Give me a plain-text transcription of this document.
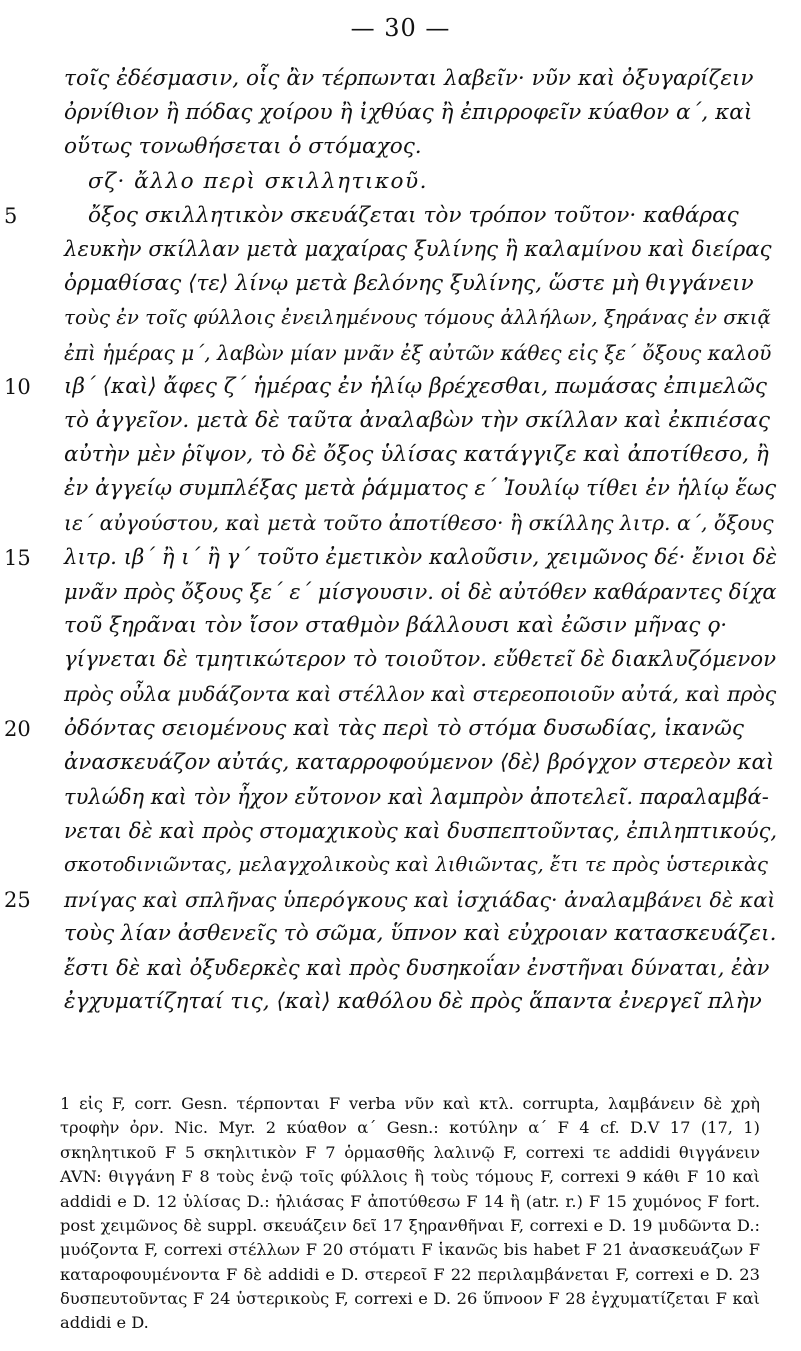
— 30 —
τοῖς ἐδέσμασιν, οἷς ἂν τέρπωνται λαβεῖν· νῦν καὶ ὀξυγαρίζειν
ὀρνίθιον ἢ πόδας χοίρου ἢ ἰχθύας ἢ ἐπιρροφεῖν κύαθον α´, καὶ
οὕτως τονωθήσεται ὁ στόμαχος.
σζ· ἄλλο περὶ σκιλλητικοῦ.
5	ὄξος σκιλλητικὸν σκευάζεται τὸν τρόπον τοῦτον· καθάρας
λευκὴν σκίλλαν μετὰ μαχαίρας ξυλίνης ἢ καλαμίνου καὶ διείρας
ὁρμαθίσας ⟨τε⟩ λίνῳ μετὰ βελόνης ξυλίνης, ὥστε μὴ θιγγάνειν
τοὺς ἐν τοῖς φύλλοις ἐνειλημένους τόμους ἀλλήλων, ξηράνας ἐν σκιᾷ
ἐπὶ ἡμέρας μ´, λαβὼν μίαν μνᾶν ἐξ αὐτῶν κάθες εἰς ξε´ ὄξους καλοῦ
10 ιβ´ ⟨καὶ⟩ ἄφες ζ´ ἡμέρας ἐν ἡλίῳ βρέχεσθαι, πωμάσας ἐπιμελῶς
τὸ ἀγγεῖον. μετὰ δὲ ταῦτα ἀναλαβὼν τὴν σκίλλαν καὶ ἐκπιέσας
αὐτὴν μὲν ῥῖψον, τὸ δὲ ὄξος ὑλίσας κατάγγιζε καὶ ἀποτίθεσο, ἢ
ἐν ἀγγείῳ συμπλέξας μετὰ ῥάμματος ε´ Ἰουλίῳ τίθει ἐν ἡλίῳ ἕως
ιε´ αὐγούστου, καὶ μετὰ τοῦτο ἀποτίθεσο· ἢ σκίλλης λιτρ. α´, ὄξους
15 λιτρ. ιβ´ ἢ ι´ ἢ γ´ τοῦτο ἐμετικὸν καλοῦσιν, χειμῶνος δέ· ἔνιοι δὲ
μνᾶν πρὸς ὄξους ξε´ ε´ μίσγουσιν. οἱ δὲ αὐτόθεν καθάραντες δίχα
τοῦ ξηρᾶναι τὸν ἴσον σταθμὸν βάλλουσι καὶ ἐῶσιν μῆνας ϙ·
γίγνεται δὲ τμητικώτερον τὸ τοιοῦτον. εὔθετεῖ δὲ διακλυζόμενον
πρὸς οὖλα μυδάζοντα καὶ στέλλον καὶ στερεοποιοῦν αὐτά, καὶ πρὸς
20 ὀδόντας σειομένους καὶ τὰς περὶ τὸ στόμα δυσωδίας, ἱκανῶς
ἀνασκευάζον αὐτάς, καταρροφούμενον ⟨δὲ⟩ βρόγχον στερεὸν καὶ
τυλώδη καὶ τὸν ἦχον εὔτονον καὶ λαμπρὸν ἀποτελεῖ. παραλαμβά-
νεται δὲ καὶ πρὸς στομαχικοὺς καὶ δυσπεπτοῦντας, ἐπιληπτικούς,
σκοτοδινιῶντας, μελαγχολικοὺς καὶ λιθιῶντας, ἔτι τε πρὸς ὑστερικὰς
25 πνίγας καὶ σπλῆνας ὑπερόγκους καὶ ἰσχιάδας· ἀναλαμβάνει δὲ καὶ
τοὺς λίαν ἀσθενεῖς τὸ σῶμα, ὕπνον καὶ εὐχροιαν κατασκευάζει.
ἔστι δὲ καὶ ὀξυδερκὲς καὶ πρὸς δυσηκοΐαν ἐνστῆναι δύναται, ἐὰν
ἐγχυματίζηταί τις, ⟨καὶ⟩ καθόλου δὲ πρὸς ἅπαντα ἐνεργεῖ πλὴν
1 εἰς F, corr. Gesn. τέρπονται F verba νῦν καὶ κτλ. corrupta, λαμβάνειν δὲ χρὴ τροφὴν ὀρν. Nic. Myr. 2 κύαθον α´ Gesn.: κοτύλην α´ F 4 cf. D.V 17 (17, 1) σκηλητικοῦ F 5 σκηλιτικὸν F 7 ὁρμασθῆς λαλινῷ F, correxi τε addidi θιγγάνειν AVN: θιγγάνη F 8 τοὺς ἐνῷ τοῖς φύλλοις ἢ τοὺς τόμους F, correxi 9 κάθι F 10 καὶ addidi e D. 12 ὑλίσας D.: ἡλιάσας F ἀποτύθεσω F 14 ἢ (atr. r.) F 15 χυμόνος F fort. post χειμῶνος δὲ suppl. σκευάζειν δεῖ 17 ξηρανθῆναι F, correxi e D. 19 μυδῶντα D.: μυόζοντα F, correxi στέλλων F 20 στόματι F ἱκανῶς bis habet F 21 ἀνασκευάζων F καταροφουμένοντα F δὲ addidi e D. στερεοῖ F 22 περιλαμβάνεται F, correxi e D. 23 δυσπευτοῦντας F 24 ὑστερικοὺς F, correxi e D. 26 ὕπνοον F 28 ἐγχυματίζεται F καὶ addidi e D.
